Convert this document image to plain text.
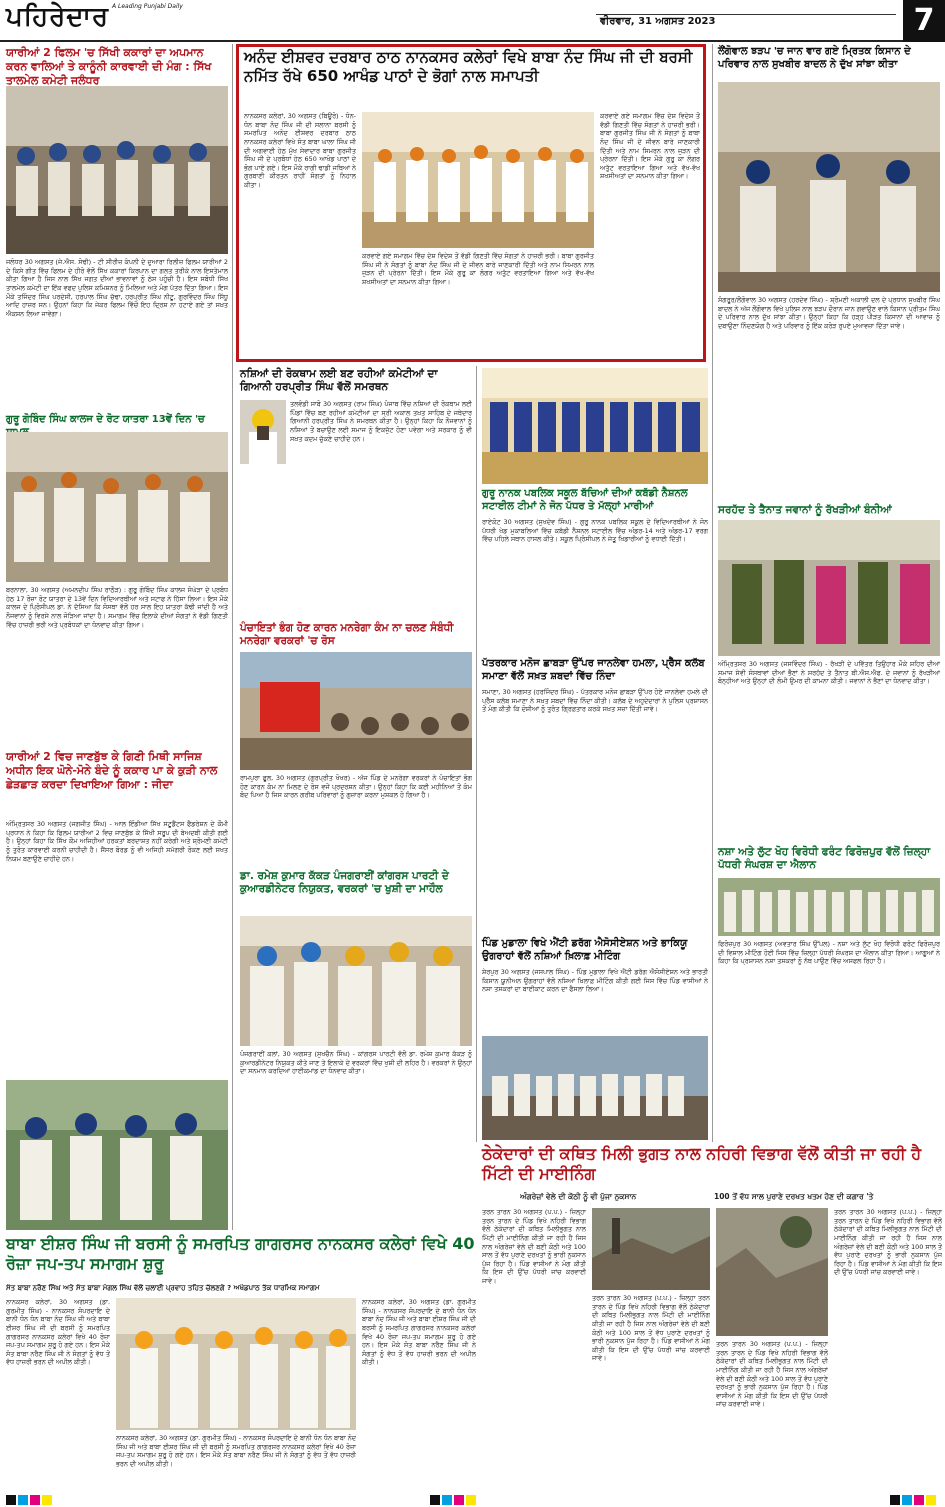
ਪਹਿਰੇਦਾਰ A Leading Punjabi Daily
ਵੀਰਵਾਰ, 31 ਅਗਸਤ 2023	7
ਯਾਰੀਆਂ 2 ਫਿਲਮ 'ਚ ਸਿੱਖੀ ਕਕਾਰਾਂ ਦਾ ਅਪਮਾਨ ਕਰਨ ਵਾਲਿਆਂ ਤੇ ਕਾਨੂੰਨੀ ਕਾਰਵਾਈ ਦੀ ਮੰਗ : ਸਿੱਖ ਤਾਲਮੇਲ ਕਮੇਟੀ ਜਲੰਧਰ
ਜਲੰਧਰ 30 ਅਗਸਤ (ਜੇ.ਐਸ. ਸੋਢੀ) - ਟੀ ਸੀਰੀਜ਼ ਕੰਪਨੀ ਦੇ ਦੁਆਰਾ ਰਿਲੀਜ਼ ਫਿਲਮ ਯਾਰੀਆਂ 2 ਦੇ ਕਿਸੇ ਗੀਤ ਵਿੱਚ ਫਿਲਮ ਦੇ ਹੀਰੋ ਵੱਲੋਂ ਸਿੱਖ ਕਕਾਰਾਂ ਕਿਰਪਾਨ ਦਾ ਗਲਤ ਤਰੀਕੇ ਨਾਲ ਇਸਤੇਮਾਲ ਕੀਤਾ ਗਿਆ ਹੈ ਜਿਸ ਨਾਲ ਸਿੱਖ ਜਗਤ ਦੀਆਂ ਭਾਵਨਾਵਾਂ ਨੂੰ ਠੇਸ ਪਹੁੰਚੀ ਹੈ। ਇਸ ਸਬੰਧੀ ਸਿੱਖ ਤਾਲਮੇਲ ਕਮੇਟੀ ਦਾ ਇੱਕ ਵਫਦ ਪੁਲਿਸ ਕਮਿਸ਼ਨਰ ਨੂੰ ਮਿਲਿਆ ਅਤੇ ਮੰਗ ਪੱਤਰ ਦਿੱਤਾ ਗਿਆ। ਇਸ ਮੌਕੇ ਤਜਿੰਦਰ ਸਿੰਘ ਪਰਦੇਸੀ, ਹਰਪਾਲ ਸਿੰਘ ਚੱਢਾ, ਹਰਪ੍ਰੀਤ ਸਿੰਘ ਨੀਟੂ, ਗੁਰਵਿੰਦਰ ਸਿੰਘ ਸਿੱਧੂ ਆਦਿ ਹਾਜ਼ਰ ਸਨ। ਉਹਨਾਂ ਕਿਹਾ ਕਿ ਜੇਕਰ ਫਿਲਮ ਵਿੱਚੋਂ ਇਹ ਦ੍ਰਿਸ਼ ਨਾ ਹਟਾਏ ਗਏ ਤਾਂ ਸਖ਼ਤ ਐਕਸ਼ਨ ਲਿਆ ਜਾਵੇਗਾ।
ਗੁਰੂ ਗੋਬਿੰਦ ਸਿੰਘ ਕਾਲਜ ਦੇ ਰੋਟ ਯਾਤਰਾ 13ਵੇਂ ਦਿਨ 'ਚ
ਬਰਨਾਲਾ, 30 ਅਗਸਤ (ਅਮਨਦੀਪ ਸਿੰਘ ਰਾਠੌੜ) : ਗੁਰੂ ਗੋਬਿੰਦ ਸਿੰਘ ਕਾਲਜ ਸੰਘੇੜਾ ਦੇ ਪ੍ਰਬੰਧ ਹੇਠ 17 ਰੋਜ਼ਾ ਰੋਟ ਯਾਤਰਾ ਦੇ 13ਵੇਂ ਦਿਨ ਵਿਦਿਆਰਥੀਆਂ ਅਤੇ ਸਟਾਫ ਨੇ ਹਿੱਸਾ ਲਿਆ। ਇਸ ਮੌਕੇ ਕਾਲਜ ਦੇ ਪ੍ਰਿੰਸੀਪਲ ਡਾ. ਨੇ ਦੱਸਿਆ ਕਿ ਸੰਸਥਾ ਵੱਲੋਂ ਹਰ ਸਾਲ ਇਹ ਯਾਤਰਾ ਕੱਢੀ ਜਾਂਦੀ ਹੈ ਅਤੇ ਨੌਜਵਾਨਾਂ ਨੂੰ ਵਿਰਸੇ ਨਾਲ ਜੋੜਿਆ ਜਾਂਦਾ ਹੈ। ਸਮਾਗਮ ਵਿੱਚ ਇਲਾਕੇ ਦੀਆਂ ਸੰਗਤਾਂ ਨੇ ਵੱਡੀ ਗਿਣਤੀ ਵਿੱਚ ਹਾਜ਼ਰੀ ਭਰੀ ਅਤੇ ਪ੍ਰਬੰਧਕਾਂ ਦਾ ਧੰਨਵਾਦ ਕੀਤਾ ਗਿਆ।
ਯਾਰੀਆਂ 2 ਵਿਚ ਜਾਣਬੁੱਝ ਕੇ ਗਿਣੀ ਮਿਥੀ ਸਾਜਿਸ਼ ਅਧੀਨ ਇਕ ਘੋਨੇ-ਮੋਨੇ ਬੰਦੇ ਨੂੰ ਕਕਾਰ ਪਾ ਕੇ ਕੁੜੀ ਨਾਲ ਛੇੜਛਾੜ ਕਰਦਾ ਦਿਖਾਇਆ ਗਿਆ : ਜੀਦਾ
ਅੰਮ੍ਰਿਤਸਰ 30 ਅਗਸਤ (ਜਗਜੀਤ ਸਿੰਘ) - ਆਲ ਇੰਡੀਆ ਸਿੱਖ ਸਟੂਡੈਂਟਸ ਫੈਡਰੇਸ਼ਨ ਦੇ ਕੌਮੀ ਪ੍ਰਧਾਨ ਨੇ ਕਿਹਾ ਕਿ ਫਿਲਮ ਯਾਰੀਆਂ 2 ਵਿਚ ਜਾਣਬੁੱਝ ਕੇ ਸਿੱਖੀ ਸਰੂਪ ਦੀ ਬੇਅਦਬੀ ਕੀਤੀ ਗਈ ਹੈ। ਉਨ੍ਹਾਂ ਕਿਹਾ ਕਿ ਸਿੱਖ ਕੌਮ ਅਜਿਹੀਆਂ ਹਰਕਤਾਂ ਬਰਦਾਸ਼ਤ ਨਹੀਂ ਕਰੇਗੀ ਅਤੇ ਸ਼੍ਰੋਮਣੀ ਕਮੇਟੀ ਨੂੰ ਤੁਰੰਤ ਕਾਰਵਾਈ ਕਰਨੀ ਚਾਹੀਦੀ ਹੈ। ਸੈਂਸਰ ਬੋਰਡ ਨੂੰ ਵੀ ਅਜਿਹੀ ਸਮੱਗਰੀ ਰੋਕਣ ਲਈ ਸਖਤ ਨਿਯਮ ਬਣਾਉਣੇ ਚਾਹੀਦੇ ਹਨ।
ਅਨੰਦ ਈਸ਼ਵਰ ਦਰਬਾਰ ਠਾਠ ਨਾਨਕਸਰ ਕਲੇਰਾਂ ਵਿਖੇ ਬਾਬਾ ਨੰਦ ਸਿੰਘ ਜੀ ਦੀ ਬਰਸੀ ਨਮਿੱਤ ਰੱਖੇ 650 ਆਖੰਡ ਪਾਠਾਂ ਦੇ ਭੋਗਾਂ ਨਾਲ ਸਮਾਪਤੀ
ਨਾਨਕਸਰ ਕਲੇਰਾਂ, 30 ਅਗਸਤ (ਬਿਊਰੋ) - ਧੰਨ-ਧੰਨ ਬਾਬਾ ਨੰਦ ਸਿੰਘ ਜੀ ਦੀ ਸਲਾਨਾ ਬਰਸੀ ਨੂੰ ਸਮਰਪਿਤ ਅਨੰਦ ਈਸ਼ਵਰ ਦਰਬਾਰ ਠਾਠ ਨਾਨਕਸਰ ਕਲੇਰਾਂ ਵਿਖੇ ਸੰਤ ਬਾਬਾ ਘਾਲਾ ਸਿੰਘ ਜੀ ਦੀ ਅਗਵਾਈ ਹੇਠ ਮੁੱਖ ਸੇਵਾਦਾਰ ਬਾਬਾ ਗੁਰਜੀਤ ਸਿੰਘ ਜੀ ਦੇ ਪ੍ਰਬੰਧਾਂ ਹੇਠ 650 ਆਖੰਡ ਪਾਠਾਂ ਦੇ ਭੋਗ ਪਾਏ ਗਏ। ਇਸ ਮੌਕੇ ਰਾਗੀ ਢਾਡੀ ਜਥਿਆਂ ਨੇ ਗੁਰਬਾਣੀ ਕੀਰਤਨ ਰਾਹੀਂ ਸੰਗਤਾਂ ਨੂੰ ਨਿਹਾਲ ਕੀਤਾ।
ਕਰਵਾਏ ਗਏ ਸਮਾਗਮ ਵਿੱਚ ਦੇਸ਼ ਵਿਦੇਸ਼ ਤੋਂ ਵੱਡੀ ਗਿਣਤੀ ਵਿੱਚ ਸੰਗਤਾਂ ਨੇ ਹਾਜ਼ਰੀ ਭਰੀ। ਬਾਬਾ ਗੁਰਜੀਤ ਸਿੰਘ ਜੀ ਨੇ ਸੰਗਤਾਂ ਨੂੰ ਬਾਬਾ ਨੰਦ ਸਿੰਘ ਜੀ ਦੇ ਜੀਵਨ ਬਾਰੇ ਜਾਣਕਾਰੀ ਦਿੱਤੀ ਅਤੇ ਨਾਮ ਸਿਮਰਨ ਨਾਲ ਜੁੜਨ ਦੀ ਪ੍ਰੇਰਨਾ ਦਿੱਤੀ। ਇਸ ਮੌਕੇ ਗੁਰੂ ਕਾ ਲੰਗਰ ਅਤੁੱਟ ਵਰਤਾਇਆ ਗਿਆ ਅਤੇ ਵੱਖ-ਵੱਖ ਸ਼ਖਸੀਅਤਾਂ ਦਾ ਸਨਮਾਨ ਕੀਤਾ ਗਿਆ।
ਕਰਵਾਏ ਗਏ ਸਮਾਗਮ ਵਿੱਚ ਦੇਸ਼ ਵਿਦੇਸ਼ ਤੋਂ ਵੱਡੀ ਗਿਣਤੀ ਵਿੱਚ ਸੰਗਤਾਂ ਨੇ ਹਾਜ਼ਰੀ ਭਰੀ। ਬਾਬਾ ਗੁਰਜੀਤ ਸਿੰਘ ਜੀ ਨੇ ਸੰਗਤਾਂ ਨੂੰ ਬਾਬਾ ਨੰਦ ਸਿੰਘ ਜੀ ਦੇ ਜੀਵਨ ਬਾਰੇ ਜਾਣਕਾਰੀ ਦਿੱਤੀ ਅਤੇ ਨਾਮ ਸਿਮਰਨ ਨਾਲ ਜੁੜਨ ਦੀ ਪ੍ਰੇਰਨਾ ਦਿੱਤੀ। ਇਸ ਮੌਕੇ ਗੁਰੂ ਕਾ ਲੰਗਰ ਅਤੁੱਟ ਵਰਤਾਇਆ ਗਿਆ ਅਤੇ ਵੱਖ-ਵੱਖ ਸ਼ਖਸੀਅਤਾਂ ਦਾ ਸਨਮਾਨ ਕੀਤਾ ਗਿਆ।
ਨਸ਼ਿਆਂ ਦੀ ਰੋਕਥਾਮ ਲਈ ਬਣ ਰਹੀਆਂ ਕਮੇਟੀਆਂ ਦਾ ਗਿਆਨੀ ਹਰਪ੍ਰੀਤ ਸਿੰਘ ਵੱਲੋਂ ਸਮਰਥਨ
ਤਲਵੰਡੀ ਸਾਬੋ 30 ਅਗਸਤ (ਰਾਮ ਸਿੰਘ) ਪੰਜਾਬ ਵਿੱਚ ਨਸ਼ਿਆਂ ਦੀ ਰੋਕਥਾਮ ਲਈ ਪਿੰਡਾਂ ਵਿੱਚ ਬਣ ਰਹੀਆਂ ਕਮੇਟੀਆਂ ਦਾ ਸ੍ਰੀ ਅਕਾਲ ਤਖ਼ਤ ਸਾਹਿਬ ਦੇ ਜਥੇਦਾਰ ਗਿਆਨੀ ਹਰਪ੍ਰੀਤ ਸਿੰਘ ਨੇ ਸਮਰਥਨ ਕੀਤਾ ਹੈ। ਉਨ੍ਹਾਂ ਕਿਹਾ ਕਿ ਨੌਜਵਾਨਾਂ ਨੂੰ ਨਸ਼ਿਆਂ ਤੋਂ ਬਚਾਉਣ ਲਈ ਸਮਾਜ ਨੂੰ ਇਕਜੁੱਟ ਹੋਣਾ ਪਵੇਗਾ ਅਤੇ ਸਰਕਾਰ ਨੂੰ ਵੀ ਸਖ਼ਤ ਕਦਮ ਚੁੱਕਣੇ ਚਾਹੀਦੇ ਹਨ।
ਪੰਚਾਇਤਾਂ ਭੰਗ ਹੋਣ ਕਾਰਨ ਮਨਰੇਗਾ ਕੰਮ ਨਾ ਚਲਣ ਸੰਬੰਧੀ ਮਨਰੇਗਾ ਵਰਕਰਾਂ 'ਚ ਰੋਸ
ਰਾਮਪੁਰਾ ਫੂਲ, 30 ਅਗਸਤ (ਗੁਰਪ੍ਰੀਤ ਖੋਖਰ) - ਅੱਜ ਪਿੰਡ ਦੇ ਮਨਰੇਗਾ ਵਰਕਰਾਂ ਨੇ ਪੰਚਾਇਤਾਂ ਭੰਗ ਹੋਣ ਕਾਰਨ ਕੰਮ ਨਾ ਮਿਲਣ ਦੇ ਰੋਸ ਵਜੋਂ ਪ੍ਰਦਰਸ਼ਨ ਕੀਤਾ। ਉਨ੍ਹਾਂ ਕਿਹਾ ਕਿ ਕਈ ਮਹੀਨਿਆਂ ਤੋਂ ਕੰਮ ਬੰਦ ਪਿਆ ਹੈ ਜਿਸ ਕਾਰਨ ਗਰੀਬ ਪਰਿਵਾਰਾਂ ਨੂੰ ਗੁਜ਼ਾਰਾ ਕਰਨਾ ਮੁਸ਼ਕਲ ਹੋ ਗਿਆ ਹੈ।
ਡਾ. ਰਮੇਸ਼ ਕੁਮਾਰ ਕੱਕੜ ਪੰਜਗਰਾਈਂ ਕਾਂਗਰਸ ਪਾਰਟੀ ਦੇ ਕੁਆਰਡੀਨੇਟਰ ਨਿਯੁਕਤ, ਵਰਕਰਾਂ 'ਚ ਖੁਸ਼ੀ ਦਾ ਮਾਹੌਲ
ਪੰਜਗਰਾਈਂ ਕਲਾਂ, 30 ਅਗਸਤ (ਸੁਖਚੈਨ ਸਿੰਘ) - ਕਾਂਗਰਸ ਪਾਰਟੀ ਵੱਲੋਂ ਡਾ. ਰਮੇਸ਼ ਕੁਮਾਰ ਕੱਕੜ ਨੂੰ ਕੁਆਰਡੀਨੇਟਰ ਨਿਯੁਕਤ ਕੀਤੇ ਜਾਣ ਤੇ ਇਲਾਕੇ ਦੇ ਵਰਕਰਾਂ ਵਿੱਚ ਖੁਸ਼ੀ ਦੀ ਲਹਿਰ ਹੈ। ਵਰਕਰਾਂ ਨੇ ਉਨ੍ਹਾਂ ਦਾ ਸਨਮਾਨ ਕਰਦਿਆਂ ਹਾਈਕਮਾਂਡ ਦਾ ਧੰਨਵਾਦ ਕੀਤਾ।
ਗੁਰੂ ਨਾਨਕ ਪਬਲਿਕ ਸਕੂਲ ਬੱਚਿਆਂ ਦੀਆਂ ਕਬੱਡੀ ਨੈਸ਼ਨਲ ਸਟਾਈਲ ਟੀਮਾਂ ਨੇ ਜੋਨ ਪੱਧਰ ਤੇ ਮੱਲ੍ਹਾਂ ਮਾਰੀਆਂ
ਰਾਏਕੋਟ 30 ਅਗਸਤ (ਸੁਖਦੇਵ ਸਿੰਘ) - ਗੁਰੂ ਨਾਨਕ ਪਬਲਿਕ ਸਕੂਲ ਦੇ ਵਿਦਿਆਰਥੀਆਂ ਨੇ ਜੋਨ ਪੱਧਰੀ ਖੇਡ ਮੁਕਾਬਲਿਆਂ ਵਿੱਚ ਕਬੱਡੀ ਨੈਸ਼ਨਲ ਸਟਾਈਲ ਵਿੱਚ ਅੰਡਰ-14 ਅਤੇ ਅੰਡਰ-17 ਵਰਗ ਵਿੱਚ ਪਹਿਲੇ ਸਥਾਨ ਹਾਸਲ ਕੀਤੇ। ਸਕੂਲ ਪ੍ਰਿੰਸੀਪਲ ਨੇ ਜੇਤੂ ਖਿਡਾਰੀਆਂ ਨੂੰ ਵਧਾਈ ਦਿੱਤੀ।
ਪੱਤਰਕਾਰ ਮਨੋਜ ਛਾਬੜਾ ਉੱਪਰ ਜਾਨਲੇਵਾ ਹਮਲਾ, ਪ੍ਰੈੱਸ ਕਲੱਬ ਸਮਾਣਾ ਵੱਲੋਂ ਸਖ਼ਤ ਸ਼ਬਦਾਂ ਵਿੱਚ ਨਿੰਦਾ
ਸਮਾਣਾ, 30 ਅਗਸਤ (ਹਰਜਿੰਦਰ ਸਿੰਘ) - ਪੱਤਰਕਾਰ ਮਨੋਜ ਛਾਬੜਾ ਉੱਪਰ ਹੋਏ ਜਾਨਲੇਵਾ ਹਮਲੇ ਦੀ ਪ੍ਰੈੱਸ ਕਲੱਬ ਸਮਾਣਾ ਨੇ ਸਖ਼ਤ ਸ਼ਬਦਾਂ ਵਿੱਚ ਨਿੰਦਾ ਕੀਤੀ। ਕਲੱਬ ਦੇ ਅਹੁਦੇਦਾਰਾਂ ਨੇ ਪੁਲਿਸ ਪ੍ਰਸ਼ਾਸਨ ਤੋਂ ਮੰਗ ਕੀਤੀ ਕਿ ਦੋਸ਼ੀਆਂ ਨੂੰ ਤੁਰੰਤ ਗ੍ਰਿਫ਼ਤਾਰ ਕਰਕੇ ਸਖ਼ਤ ਸਜ਼ਾ ਦਿੱਤੀ ਜਾਵੇ।
ਪਿੰਡ ਮੁਡਾਲਾ ਵਿਖੇ ਐਂਟੀ ਡਰੱਗ ਐਸੋਸੀਏਸ਼ਨ ਅਤੇ ਭਾਕਿਯੂ ਉਗਰਾਹਾਂ ਵੱਲੋਂ ਨਸ਼ਿਆਂ ਖ਼ਿਲਾਫ਼ ਮੀਟਿੰਗ
ਸ਼ੇਰਪੁਰ 30 ਅਗਸਤ (ਜਸਪਾਲ ਸਿੰਘ) - ਪਿੰਡ ਮੁਡਾਲਾ ਵਿਖੇ ਐਂਟੀ ਡਰੱਗ ਐਸੋਸੀਏਸ਼ਨ ਅਤੇ ਭਾਰਤੀ ਕਿਸਾਨ ਯੂਨੀਅਨ ਉਗਰਾਹਾਂ ਵੱਲੋਂ ਨਸ਼ਿਆਂ ਖ਼ਿਲਾਫ਼ ਮੀਟਿੰਗ ਕੀਤੀ ਗਈ ਜਿਸ ਵਿੱਚ ਪਿੰਡ ਵਾਸੀਆਂ ਨੇ ਨਸ਼ਾ ਤਸਕਰਾਂ ਦਾ ਬਾਈਕਾਟ ਕਰਨ ਦਾ ਫੈਸਲਾ ਲਿਆ।
ਲੌਂਗੋਵਾਲ ਝੜਪ 'ਚ ਜਾਨ ਵਾਰ ਗਏ ਮ੍ਰਿਤਕ ਕਿਸਾਨ ਦੇ ਪਰਿਵਾਰ ਨਾਲ ਸੁਖਬੀਰ ਬਾਦਲ ਨੇ ਦੁੱਖ ਸਾਂਝਾ ਕੀਤਾ
ਸੰਗਰੂਰ/ਲੌਂਗੋਵਾਲ 30 ਅਗਸਤ (ਹਰਦੇਵ ਸਿੰਘ) - ਸ਼੍ਰੋਮਣੀ ਅਕਾਲੀ ਦਲ ਦੇ ਪ੍ਰਧਾਨ ਸੁਖਬੀਰ ਸਿੰਘ ਬਾਦਲ ਨੇ ਅੱਜ ਲੌਂਗੋਵਾਲ ਵਿਖੇ ਪੁਲਿਸ ਨਾਲ ਝੜਪ ਦੌਰਾਨ ਜਾਨ ਗਵਾਉਣ ਵਾਲੇ ਕਿਸਾਨ ਪ੍ਰੀਤਮ ਸਿੰਘ ਦੇ ਪਰਿਵਾਰ ਨਾਲ ਦੁੱਖ ਸਾਂਝਾ ਕੀਤਾ। ਉਨ੍ਹਾਂ ਕਿਹਾ ਕਿ ਹੜ੍ਹ ਪੀੜਤ ਕਿਸਾਨਾਂ ਦੀ ਆਵਾਜ਼ ਨੂੰ ਦਬਾਉਣਾ ਨਿੰਦਣਯੋਗ ਹੈ ਅਤੇ ਪਰਿਵਾਰ ਨੂੰ ਇੱਕ ਕਰੋੜ ਰੁਪਏ ਮੁਆਵਜ਼ਾ ਦਿੱਤਾ ਜਾਵੇ।
ਸਰਹੱਦ ਤੇ ਤੈਨਾਤ ਜਵਾਨਾਂ ਨੂੰ ਰੱਖੜੀਆਂ ਬੰਨੀਆਂ
ਅੰਮ੍ਰਿਤਸਰ 30 ਅਗਸਤ (ਜਸਵਿੰਦਰ ਸਿੰਘ) - ਰੱਖੜੀ ਦੇ ਪਵਿੱਤਰ ਤਿਉਹਾਰ ਮੌਕੇ ਸ਼ਹਿਰ ਦੀਆਂ ਸਮਾਜ ਸੇਵੀ ਸੰਸਥਾਵਾਂ ਦੀਆਂ ਭੈਣਾਂ ਨੇ ਸਰਹੱਦ ਤੇ ਤੈਨਾਤ ਬੀ.ਐਸ.ਐਫ. ਦੇ ਜਵਾਨਾਂ ਨੂੰ ਰੱਖੜੀਆਂ ਬੰਨ੍ਹੀਆਂ ਅਤੇ ਉਨ੍ਹਾਂ ਦੀ ਲੰਮੀ ਉਮਰ ਦੀ ਕਾਮਨਾ ਕੀਤੀ। ਜਵਾਨਾਂ ਨੇ ਭੈਣਾਂ ਦਾ ਧੰਨਵਾਦ ਕੀਤਾ।
ਨਸ਼ਾ ਅਤੇ ਲੁੱਟ ਖੋਹ ਵਿਰੋਧੀ ਫਰੰਟ ਫਿਰੋਜ਼ਪੁਰ ਵੱਲੋਂ ਜ਼ਿਲ੍ਹਾ ਪੱਧਰੀ ਸੰਘਰਸ਼ ਦਾ ਐਲਾਨ
ਫਿਰੋਜ਼ਪੁਰ 30 ਅਗਸਤ (ਅਵਤਾਰ ਸਿੰਘ ਉੱਪਲ) - ਨਸ਼ਾ ਅਤੇ ਲੁੱਟ ਖੋਹ ਵਿਰੋਧੀ ਫਰੰਟ ਫਿਰੋਜ਼ਪੁਰ ਦੀ ਵਿਸ਼ਾਲ ਮੀਟਿੰਗ ਹੋਈ ਜਿਸ ਵਿੱਚ ਜ਼ਿਲ੍ਹਾ ਪੱਧਰੀ ਸੰਘਰਸ਼ ਦਾ ਐਲਾਨ ਕੀਤਾ ਗਿਆ। ਆਗੂਆਂ ਨੇ ਕਿਹਾ ਕਿ ਪ੍ਰਸ਼ਾਸਨ ਨਸ਼ਾ ਤਸਕਰਾਂ ਨੂੰ ਨੱਥ ਪਾਉਣ ਵਿੱਚ ਅਸਫਲ ਰਿਹਾ ਹੈ।
ਠੇਕੇਦਾਰਾਂ ਦੀ ਕਥਿਤ ਮਿਲੀ ਭੁਗਤ ਨਾਲ ਨਹਿਰੀ ਵਿਭਾਗ ਵੱਲੋਂ ਕੀਤੀ ਜਾ ਰਹੀ ਹੈ ਮਿੱਟੀ ਦੀ ਮਾਈਨਿੰਗ
ਅੰਗਰੇਜ਼ਾਂ ਵੇਲੇ ਦੀ ਕੋਠੀ ਨੂੰ ਵੀ ਪੁੱਜਾ ਨੁਕਸਾਨ	100 ਤੋਂ ਵੱਧ ਸਾਲ ਪੁਰਾਣੇ ਦਰਖਤ ਖਤਮ ਹੋਣ ਦੀ ਕਗਾਰ 'ਤੇ
ਤਰਨ ਤਾਰਨ 30 ਅਗਸਤ (ਪ.ਪ.) - ਜ਼ਿਲ੍ਹਾ ਤਰਨ ਤਾਰਨ ਦੇ ਪਿੰਡ ਵਿਖੇ ਨਹਿਰੀ ਵਿਭਾਗ ਵੱਲੋਂ ਠੇਕੇਦਾਰਾਂ ਦੀ ਕਥਿਤ ਮਿਲੀਭੁਗਤ ਨਾਲ ਮਿੱਟੀ ਦੀ ਮਾਈਨਿੰਗ ਕੀਤੀ ਜਾ ਰਹੀ ਹੈ ਜਿਸ ਨਾਲ ਅੰਗਰੇਜ਼ਾਂ ਵੇਲੇ ਦੀ ਬਣੀ ਕੋਠੀ ਅਤੇ 100 ਸਾਲ ਤੋਂ ਵੱਧ ਪੁਰਾਣੇ ਦਰਖਤਾਂ ਨੂੰ ਭਾਰੀ ਨੁਕਸਾਨ ਪੁੱਜ ਰਿਹਾ ਹੈ। ਪਿੰਡ ਵਾਸੀਆਂ ਨੇ ਮੰਗ ਕੀਤੀ ਕਿ ਇਸ ਦੀ ਉੱਚ ਪੱਧਰੀ ਜਾਂਚ ਕਰਵਾਈ ਜਾਵੇ।
ਤਰਨ ਤਾਰਨ 30 ਅਗਸਤ (ਪ.ਪ.) - ਜ਼ਿਲ੍ਹਾ ਤਰਨ ਤਾਰਨ ਦੇ ਪਿੰਡ ਵਿਖੇ ਨਹਿਰੀ ਵਿਭਾਗ ਵੱਲੋਂ ਠੇਕੇਦਾਰਾਂ ਦੀ ਕਥਿਤ ਮਿਲੀਭੁਗਤ ਨਾਲ ਮਿੱਟੀ ਦੀ ਮਾਈਨਿੰਗ ਕੀਤੀ ਜਾ ਰਹੀ ਹੈ ਜਿਸ ਨਾਲ ਅੰਗਰੇਜ਼ਾਂ ਵੇਲੇ ਦੀ ਬਣੀ ਕੋਠੀ ਅਤੇ 100 ਸਾਲ ਤੋਂ ਵੱਧ ਪੁਰਾਣੇ ਦਰਖਤਾਂ ਨੂੰ ਭਾਰੀ ਨੁਕਸਾਨ ਪੁੱਜ ਰਿਹਾ ਹੈ। ਪਿੰਡ ਵਾਸੀਆਂ ਨੇ ਮੰਗ ਕੀਤੀ ਕਿ ਇਸ ਦੀ ਉੱਚ ਪੱਧਰੀ ਜਾਂਚ ਕਰਵਾਈ ਜਾਵੇ।
ਤਰਨ ਤਾਰਨ 30 ਅਗਸਤ (ਪ.ਪ.) - ਜ਼ਿਲ੍ਹਾ ਤਰਨ ਤਾਰਨ ਦੇ ਪਿੰਡ ਵਿਖੇ ਨਹਿਰੀ ਵਿਭਾਗ ਵੱਲੋਂ ਠੇਕੇਦਾਰਾਂ ਦੀ ਕਥਿਤ ਮਿਲੀਭੁਗਤ ਨਾਲ ਮਿੱਟੀ ਦੀ ਮਾਈਨਿੰਗ ਕੀਤੀ ਜਾ ਰਹੀ ਹੈ ਜਿਸ ਨਾਲ ਅੰਗਰੇਜ਼ਾਂ ਵੇਲੇ ਦੀ ਬਣੀ ਕੋਠੀ ਅਤੇ 100 ਸਾਲ ਤੋਂ ਵੱਧ ਪੁਰਾਣੇ ਦਰਖਤਾਂ ਨੂੰ ਭਾਰੀ ਨੁਕਸਾਨ ਪੁੱਜ ਰਿਹਾ ਹੈ। ਪਿੰਡ ਵਾਸੀਆਂ ਨੇ ਮੰਗ ਕੀਤੀ ਕਿ ਇਸ ਦੀ ਉੱਚ ਪੱਧਰੀ ਜਾਂਚ ਕਰਵਾਈ ਜਾਵੇ।
ਤਰਨ ਤਾਰਨ 30 ਅਗਸਤ (ਪ.ਪ.) - ਜ਼ਿਲ੍ਹਾ ਤਰਨ ਤਾਰਨ ਦੇ ਪਿੰਡ ਵਿਖੇ ਨਹਿਰੀ ਵਿਭਾਗ ਵੱਲੋਂ ਠੇਕੇਦਾਰਾਂ ਦੀ ਕਥਿਤ ਮਿਲੀਭੁਗਤ ਨਾਲ ਮਿੱਟੀ ਦੀ ਮਾਈਨਿੰਗ ਕੀਤੀ ਜਾ ਰਹੀ ਹੈ ਜਿਸ ਨਾਲ ਅੰਗਰੇਜ਼ਾਂ ਵੇਲੇ ਦੀ ਬਣੀ ਕੋਠੀ ਅਤੇ 100 ਸਾਲ ਤੋਂ ਵੱਧ ਪੁਰਾਣੇ ਦਰਖਤਾਂ ਨੂੰ ਭਾਰੀ ਨੁਕਸਾਨ ਪੁੱਜ ਰਿਹਾ ਹੈ। ਪਿੰਡ ਵਾਸੀਆਂ ਨੇ ਮੰਗ ਕੀਤੀ ਕਿ ਇਸ ਦੀ ਉੱਚ ਪੱਧਰੀ ਜਾਂਚ ਕਰਵਾਈ ਜਾਵੇ।
ਬਾਬਾ ਈਸ਼ਰ ਸਿੰਘ ਜੀ ਬਰਸੀ ਨੂੰ ਸਮਰਪਿਤ ਗਾਗਰਸਰ ਨਾਨਕਸਰ ਕਲੇਰਾਂ ਵਿਖੇ 40 ਰੋਜ਼ਾ ਜਪ-ਤਪ ਸਮਾਗਮ ਸ਼ੁਰੂ
ਸੰਤ ਬਾਬਾ ਨਰੈਣ ਸਿੰਘ ਅਤੇ ਸੰਤ ਬਾਬਾ ਮੰਗਲ ਸਿੰਘ ਵੱਲੋਂ ਚਲਾਈ ਪ੍ਰਵਾਹ ਤਹਿਤ ਚੱਲਣਗੇ ? ਅਖੰਡਪਾਠ ਤੱਕ ਧਾਰਮਿਕ ਸਮਾਗਮ
ਨਾਨਕਸਰ ਕਲੇਰਾਂ, 30 ਅਗਸਤ (ਡਾ. ਗੁਰਮੀਤ ਸਿੰਘ) - ਨਾਨਕਸਰ ਸੰਪਰਦਾਇ ਦੇ ਬਾਨੀ ਧੰਨ ਧੰਨ ਬਾਬਾ ਨੰਦ ਸਿੰਘ ਜੀ ਅਤੇ ਬਾਬਾ ਈਸ਼ਰ ਸਿੰਘ ਜੀ ਦੀ ਬਰਸੀ ਨੂੰ ਸਮਰਪਿਤ ਗਾਗਰਸਰ ਨਾਨਕਸਰ ਕਲੇਰਾਂ ਵਿਖੇ 40 ਰੋਜ਼ਾ ਜਪ-ਤਪ ਸਮਾਗਮ ਸ਼ੁਰੂ ਹੋ ਗਏ ਹਨ। ਇਸ ਮੌਕੇ ਸੰਤ ਬਾਬਾ ਨਰੈਣ ਸਿੰਘ ਜੀ ਨੇ ਸੰਗਤਾਂ ਨੂੰ ਵੱਧ ਤੋਂ ਵੱਧ ਹਾਜ਼ਰੀ ਭਰਨ ਦੀ ਅਪੀਲ ਕੀਤੀ।
ਨਾਨਕਸਰ ਕਲੇਰਾਂ, 30 ਅਗਸਤ (ਡਾ. ਗੁਰਮੀਤ ਸਿੰਘ) - ਨਾਨਕਸਰ ਸੰਪਰਦਾਇ ਦੇ ਬਾਨੀ ਧੰਨ ਧੰਨ ਬਾਬਾ ਨੰਦ ਸਿੰਘ ਜੀ ਅਤੇ ਬਾਬਾ ਈਸ਼ਰ ਸਿੰਘ ਜੀ ਦੀ ਬਰਸੀ ਨੂੰ ਸਮਰਪਿਤ ਗਾਗਰਸਰ ਨਾਨਕਸਰ ਕਲੇਰਾਂ ਵਿਖੇ 40 ਰੋਜ਼ਾ ਜਪ-ਤਪ ਸਮਾਗਮ ਸ਼ੁਰੂ ਹੋ ਗਏ ਹਨ। ਇਸ ਮੌਕੇ ਸੰਤ ਬਾਬਾ ਨਰੈਣ ਸਿੰਘ ਜੀ ਨੇ ਸੰਗਤਾਂ ਨੂੰ ਵੱਧ ਤੋਂ ਵੱਧ ਹਾਜ਼ਰੀ ਭਰਨ ਦੀ ਅਪੀਲ ਕੀਤੀ।
ਨਾਨਕਸਰ ਕਲੇਰਾਂ, 30 ਅਗਸਤ (ਡਾ. ਗੁਰਮੀਤ ਸਿੰਘ) - ਨਾਨਕਸਰ ਸੰਪਰਦਾਇ ਦੇ ਬਾਨੀ ਧੰਨ ਧੰਨ ਬਾਬਾ ਨੰਦ ਸਿੰਘ ਜੀ ਅਤੇ ਬਾਬਾ ਈਸ਼ਰ ਸਿੰਘ ਜੀ ਦੀ ਬਰਸੀ ਨੂੰ ਸਮਰਪਿਤ ਗਾਗਰਸਰ ਨਾਨਕਸਰ ਕਲੇਰਾਂ ਵਿਖੇ 40 ਰੋਜ਼ਾ ਜਪ-ਤਪ ਸਮਾਗਮ ਸ਼ੁਰੂ ਹੋ ਗਏ ਹਨ। ਇਸ ਮੌਕੇ ਸੰਤ ਬਾਬਾ ਨਰੈਣ ਸਿੰਘ ਜੀ ਨੇ ਸੰਗਤਾਂ ਨੂੰ ਵੱਧ ਤੋਂ ਵੱਧ ਹਾਜ਼ਰੀ ਭਰਨ ਦੀ ਅਪੀਲ ਕੀਤੀ।
